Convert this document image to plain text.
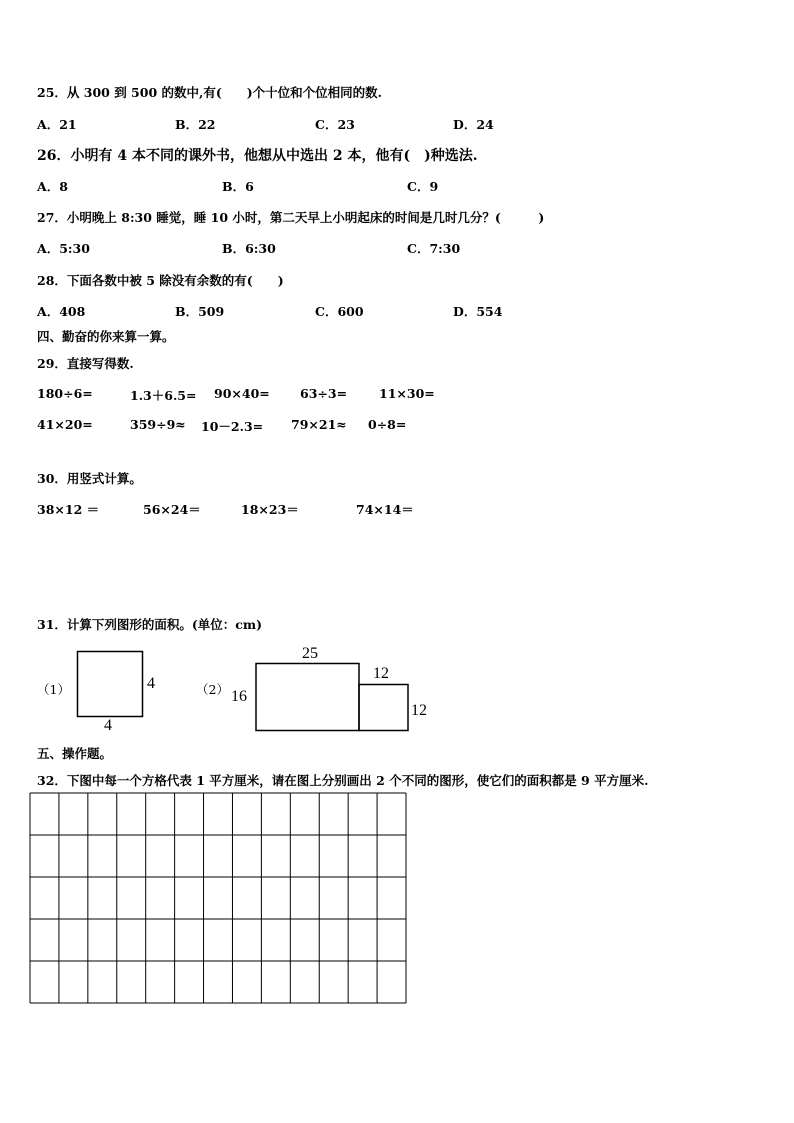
25．从 300 到 500 的数中,有(　　)个十位和个位相同的数.
A．21	B．22	C．23	D．24
26．小明有 4 本不同的课外书，他想从中选出 2 本，他有(　)种选法.
A．8	B．6	C．9
27．小明晚上 8:30 睡觉，睡 10 小时，第二天早上小明起床的时间是几时几分？(　　　)
A．5:30	B．6:30	C．7:30
28．下面各数中被 5 除没有余数的有(　　)
A．408	B．509	C．600	D．554
四、勤奋的你来算一算。
29．直接写得数.
180÷6=	1.3＋6.5= 90×40= 63÷3=	11×30=
41×20=	359÷9≈ 10－2.3= 79×21≈ 0÷8=
30．用竖式计算。
38×12 ＝	56×24＝	18×23＝	74×14＝
31．计算下列图形的面积。(单位：cm)
（1）	4
4
（2） 16
25
12
12
五、操作题。
32．下图中每一个方格代表 1 平方厘米，请在图上分别画出 2 个不同的图形，使它们的面积都是 9 平方厘米.
